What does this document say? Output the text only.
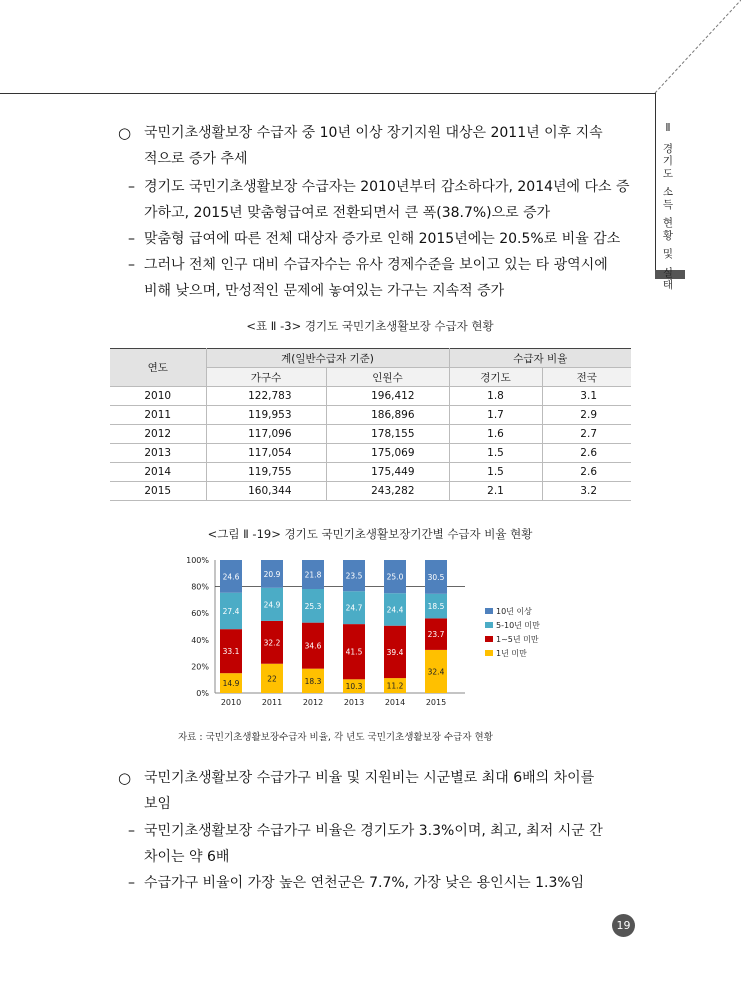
Ⅱ
경
기
도
소
득
현
황
및
실
태
○ 국민기초생활보장 수급자 중 10년 이상 장기지원 대상은 2011년 이후 지속
적으로 증가 추세
– 경기도 국민기초생활보장 수급자는 2010년부터 감소하다가, 2014년에 다소 증
가하고, 2015년 맞춤형급여로 전환되면서 큰 폭(38.7%)으로 증가
– 맞춤형 급여에 따른 전체 대상자 증가로 인해 2015년에는 20.5%로 비율 감소
– 그러나 전체 인구 대비 수급자수는 유사 경제수준을 보이고 있는 타 광역시에
비해 낮으며, 만성적인 문제에 놓여있는 가구는 지속적 증가
<표 Ⅱ -3> 경기도 국민기초생활보장 수급자 현황
연도	계(일반수급자 기준)		수급자 비율	
	가구수	인원수	경기도	전국
2010	122,783	196,412	1.8	3.1
2011	119,953	186,896	1.7	2.9
2012	117,096	178,155	1.6	2.7
2013	117,054	175,069	1.5	2.6
2014	119,755	175,449	1.5	2.6
2015	160,344	243,282	2.1	3.2
<그림 Ⅱ -19> 경기도 국민기초생활보장기간별 수급자 비율 현황
0%
20%
40%
60%
80%
100%
14.9
33.1
27.4
24.6
2010
22
32.2
24.9
20.9
2011
18.3
34.6
25.3
21.8
2012
10.3
41.5
24.7
23.5
2013
11.2
39.4
24.4
25.0
2014
32.4
23.7
18.5
30.5
2015
10년 이상
5-10년 미만
1~5년 미만
1년 미만
자료 : 국민기초생활보장수급자 비율, 각 년도 국민기초생활보장 수급자 현황
○ 국민기초생활보장 수급가구 비율 및 지원비는 시군별로 최대 6배의 차이를
보임
– 국민기초생활보장 수급가구 비율은 경기도가 3.3%이며, 최고, 최저 시군 간
차이는 약 6배
– 수급가구 비율이 가장 높은 연천군은 7.7%, 가장 낮은 용인시는 1.3%임
19
